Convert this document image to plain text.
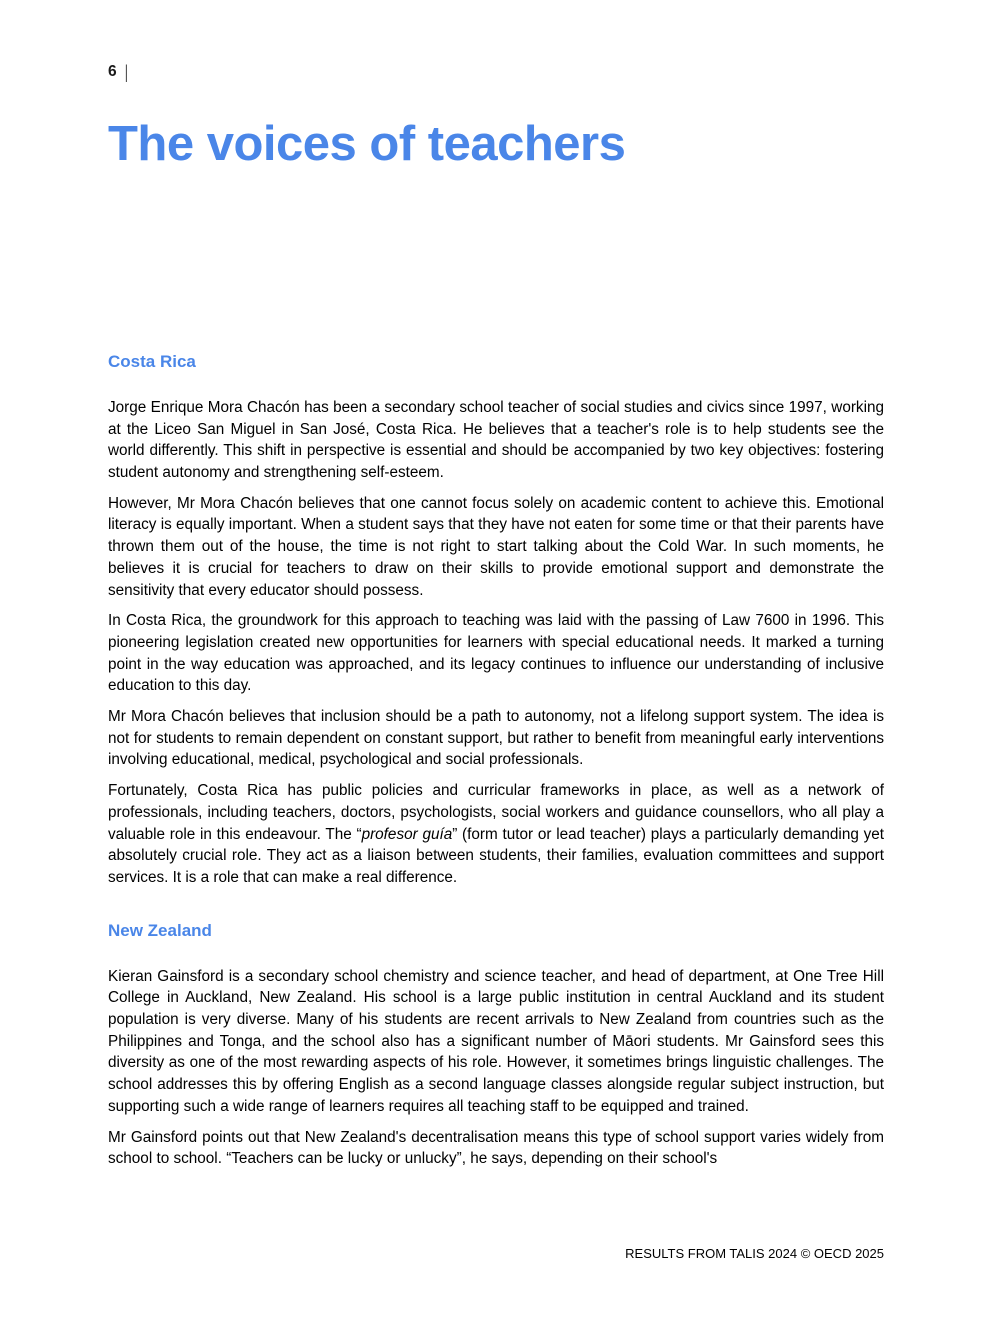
6 |
The voices of teachers
Costa Rica

Jorge Enrique Mora Chacón has been a secondary school teacher of social studies and civics since 1997, working at the Liceo San Miguel in San José, Costa Rica. He believes that a teacher's role is to help students see the world differently. This shift in perspective is essential and should be accompanied by two key objectives: fostering student autonomy and strengthening self-esteem.

However, Mr Mora Chacón believes that one cannot focus solely on academic content to achieve this. Emotional literacy is equally important. When a student says that they have not eaten for some time or that their parents have thrown them out of the house, the time is not right to start talking about the Cold War. In such moments, he believes it is crucial for teachers to draw on their skills to provide emotional support and demonstrate the sensitivity that every educator should possess.

In Costa Rica, the groundwork for this approach to teaching was laid with the passing of Law 7600 in 1996. This pioneering legislation created new opportunities for learners with special educational needs. It marked a turning point in the way education was approached, and its legacy continues to influence our understanding of inclusive education to this day.

Mr Mora Chacón believes that inclusion should be a path to autonomy, not a lifelong support system. The idea is not for students to remain dependent on constant support, but rather to benefit from meaningful early interventions involving educational, medical, psychological and social professionals.

Fortunately, Costa Rica has public policies and curricular frameworks in place, as well as a network of professionals, including teachers, doctors, psychologists, social workers and guidance counsellors, who all play a valuable role in this endeavour. The “profesor guía” (form tutor or lead teacher) plays a particularly demanding yet absolutely crucial role. They act as a liaison between students, their families, evaluation committees and support services. It is a role that can make a real difference.

New Zealand

Kieran Gainsford is a secondary school chemistry and science teacher, and head of department, at One Tree Hill College in Auckland, New Zealand. His school is a large public institution in central Auckland and its student population is very diverse. Many of his students are recent arrivals to New Zealand from countries such as the Philippines and Tonga, and the school also has a significant number of Māori students. Mr Gainsford sees this diversity as one of the most rewarding aspects of his role. However, it sometimes brings linguistic challenges. The school addresses this by offering English as a second language classes alongside regular subject instruction, but supporting such a wide range of learners requires all teaching staff to be equipped and trained.

Mr Gainsford points out that New Zealand's decentralisation means this type of school support varies widely from school to school. “Teachers can be lucky or unlucky”, he says, depending on their school's

RESULTS FROM TALIS 2024 © OECD 2025
